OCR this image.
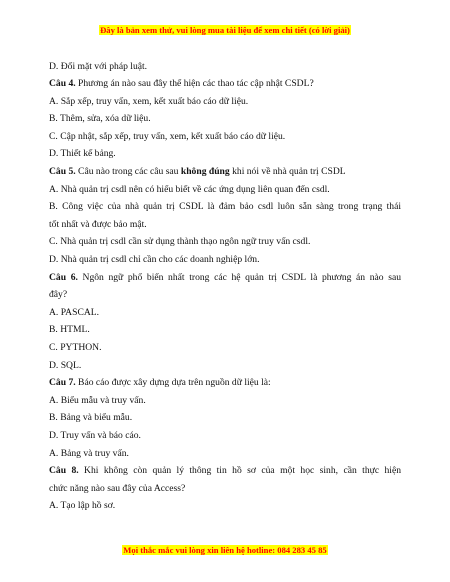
Đây là bản xem thử, vui lòng mua tài liệu để xem chi tiết (có lời giải)
D. Đối mặt với pháp luật.
Câu 4. Phương án nào sau đây thể hiện các thao tác cập nhật CSDL?
A. Sắp xếp, truy vấn, xem, kết xuất báo cáo dữ liệu.
B. Thêm, sửa, xóa dữ liệu.
C. Cập nhật, sắp xếp, truy vấn, xem, kết xuất báo cáo dữ liệu.
D. Thiết kế bảng.
Câu 5. Câu nào trong các câu sau không đúng khi nói về nhà quản trị CSDL
A. Nhà quản trị csdl nên có hiểu biết về các ứng dụng liên quan đến csdl.
B. Công việc của nhà quản trị CSDL là đảm bảo csdl luôn sẵn sàng trong trạng thái
tốt nhất và được bảo mật.
C. Nhà quản trị csdl cần sử dụng thành thạo ngôn ngữ truy vấn csdl.
D. Nhà quản trị csdl chỉ cần cho các doanh nghiệp lớn.
Câu 6. Ngôn ngữ phổ biến nhất trong các hệ quản trị CSDL là phương án nào sau
đây?
A. PASCAL.
B. HTML.
C. PYTHON.
D. SQL.
Câu 7. Báo cáo được xây dựng dựa trên nguồn dữ liệu là:
A. Biểu mẫu và truy vấn.
B. Bảng và biểu mẫu.
D. Truy vấn và báo cáo.
A. Bảng và truy vấn.
Câu 8. Khi không còn quản lý thông tin hồ sơ của một học sinh, cần thực hiện
chức năng nào sau đây của Access?
A. Tạo lập hồ sơ.
Mọi thắc mắc vui lòng xin liên hệ hotline: 084 283 45 85
